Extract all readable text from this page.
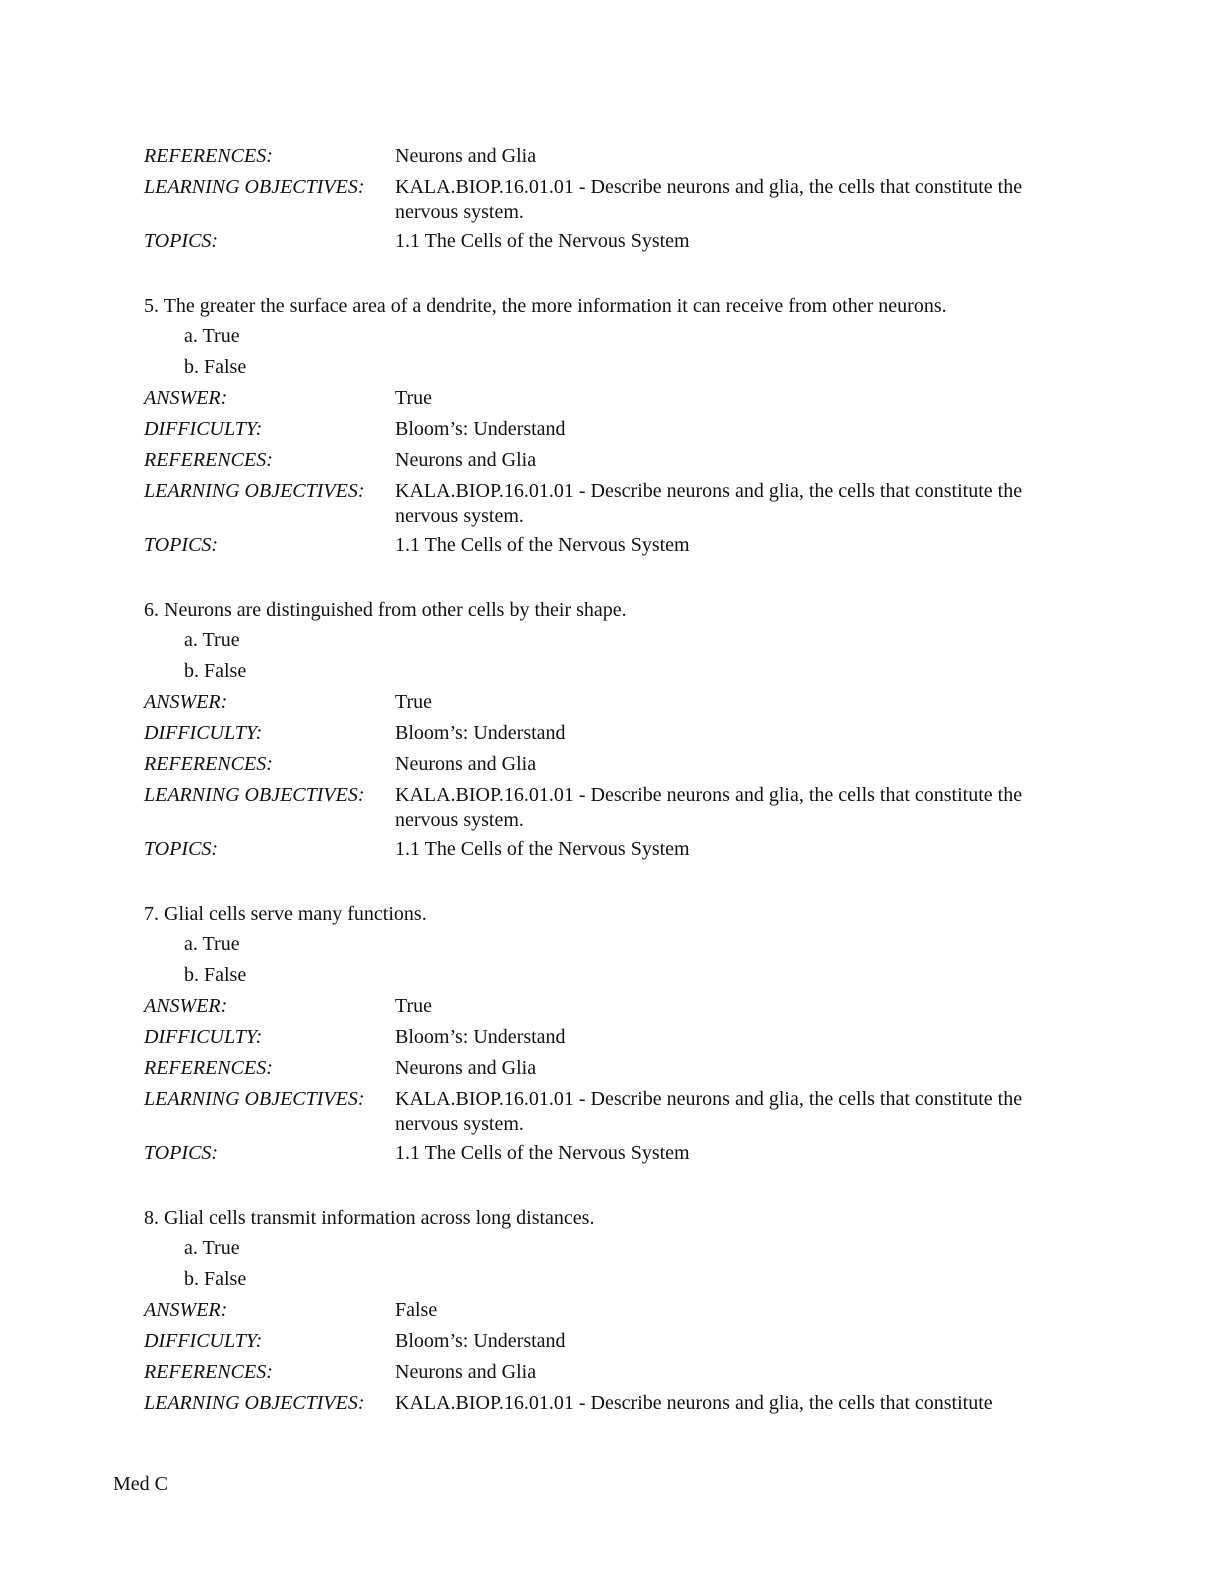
REFERENCES:	Neurons and Glia
LEARNING OBJECTIVES:	KALA.BIOP.16.01.01 - Describe neurons and glia, the cells that constitute the nervous system.
TOPICS:	1.1 The Cells of the Nervous System
5. The greater the surface area of a dendrite, the more information it can receive from other neurons.
a. True
b. False
ANSWER:	True
DIFFICULTY:	Bloom’s: Understand
REFERENCES:	Neurons and Glia
LEARNING OBJECTIVES:	KALA.BIOP.16.01.01 - Describe neurons and glia, the cells that constitute the nervous system.
TOPICS:	1.1 The Cells of the Nervous System
6. Neurons are distinguished from other cells by their shape.
a. True
b. False
ANSWER:	True
DIFFICULTY:	Bloom’s: Understand
REFERENCES:	Neurons and Glia
LEARNING OBJECTIVES:	KALA.BIOP.16.01.01 - Describe neurons and glia, the cells that constitute the nervous system.
TOPICS:	1.1 The Cells of the Nervous System
7. Glial cells serve many functions.
a. True
b. False
ANSWER:	True
DIFFICULTY:	Bloom’s: Understand
REFERENCES:	Neurons and Glia
LEARNING OBJECTIVES:	KALA.BIOP.16.01.01 - Describe neurons and glia, the cells that constitute the nervous system.
TOPICS:	1.1 The Cells of the Nervous System
8. Glial cells transmit information across long distances.
a. True
b. False
ANSWER:	False
DIFFICULTY:	Bloom’s: Understand
REFERENCES:	Neurons and Glia
LEARNING OBJECTIVES:	KALA.BIOP.16.01.01 - Describe neurons and glia, the cells that constitute
Med C
